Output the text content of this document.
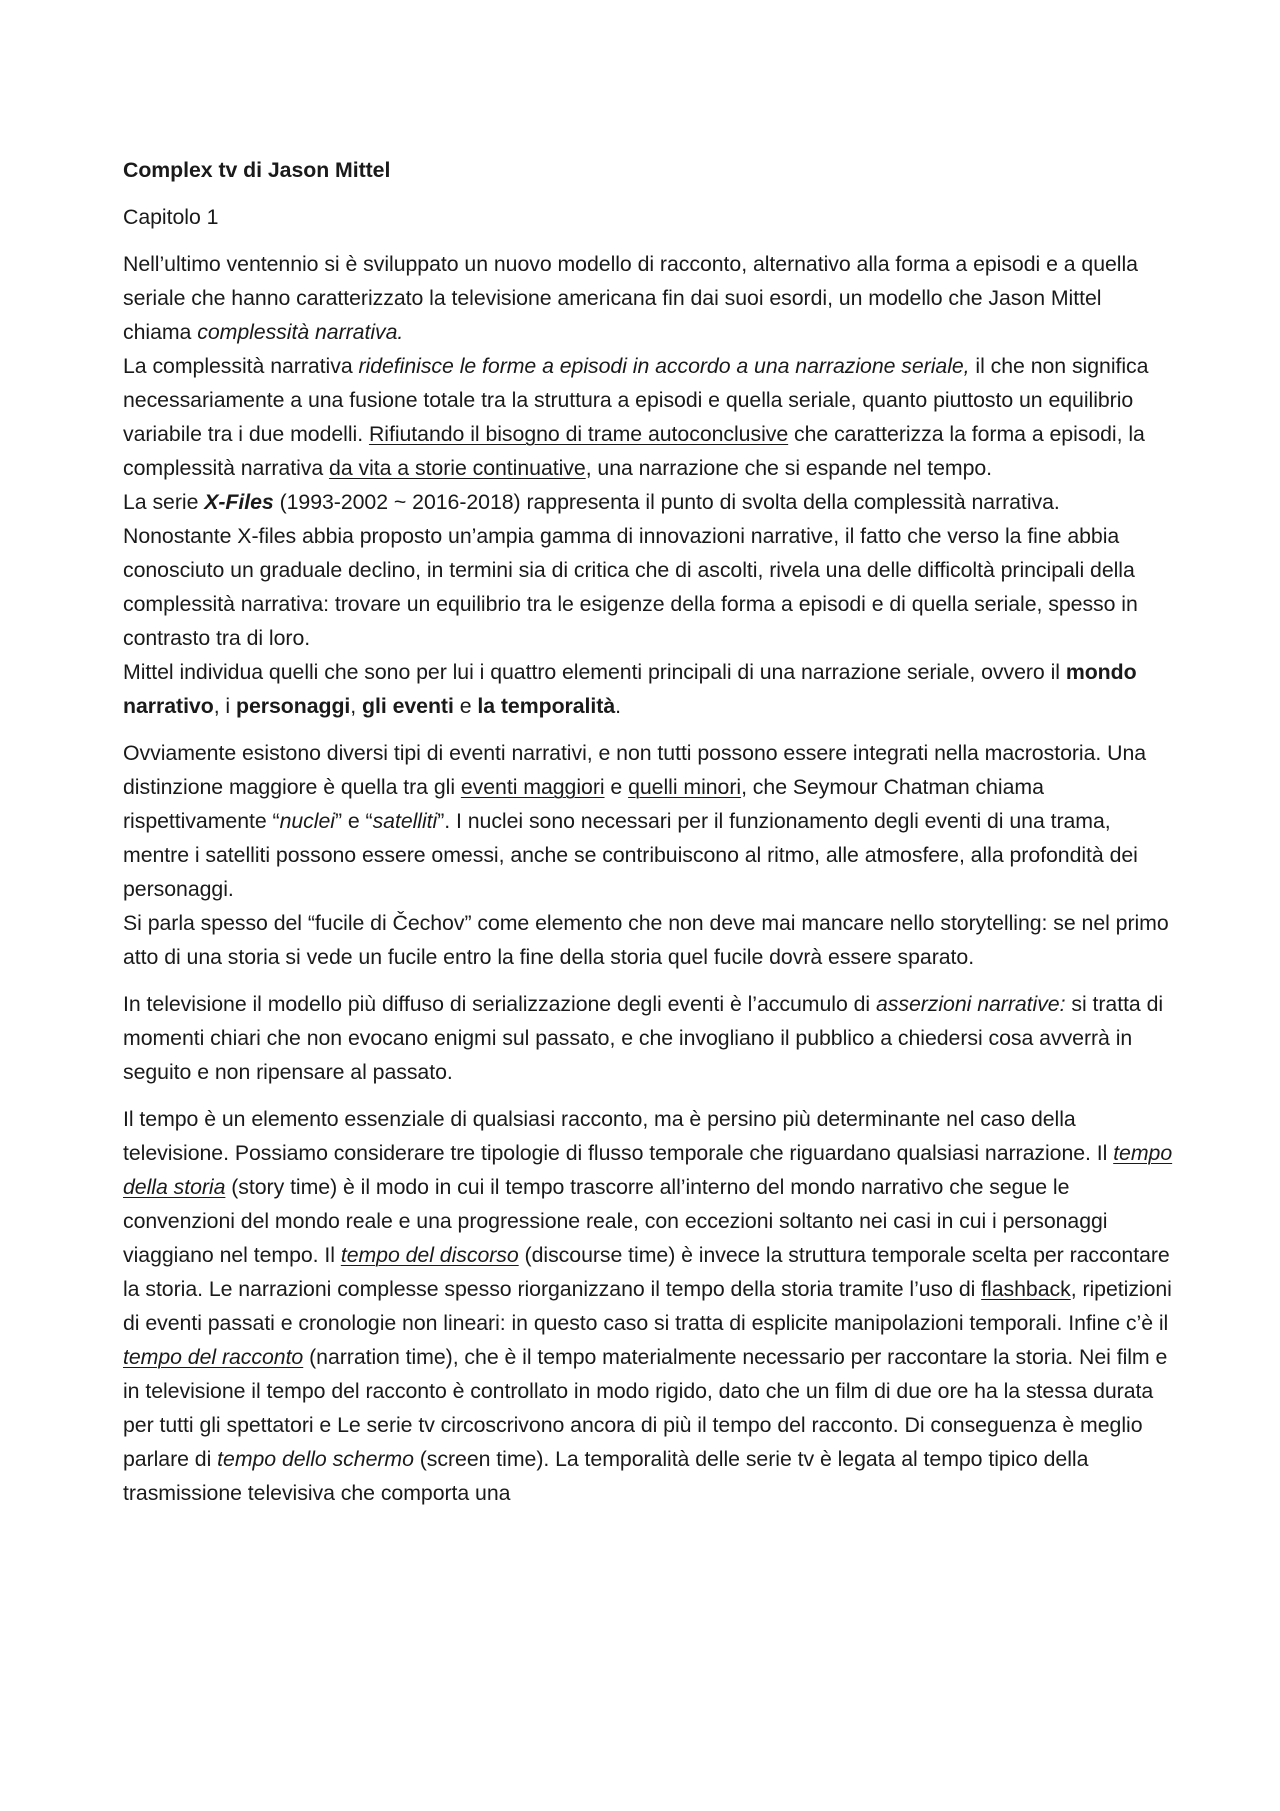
Complex tv di Jason Mittel

Capitolo 1

Nell’ultimo ventennio si è sviluppato un nuovo modello di racconto, alternativo alla forma a episodi e a quella seriale che hanno caratterizzato la televisione americana fin dai suoi esordi, un modello che Jason Mittel chiama complessità narrativa.
La complessità narrativa ridefinisce le forme a episodi in accordo a una narrazione seriale, il che non significa necessariamente a una fusione totale tra la struttura a episodi e quella seriale, quanto piuttosto un equilibrio variabile tra i due modelli. Rifiutando il bisogno di trame autoconclusive che caratterizza la forma a episodi, la complessità narrativa da vita a storie continuative, una narrazione che si espande nel tempo.
La serie X-Files (1993-2002 ~ 2016-2018) rappresenta il punto di svolta della complessità narrativa. Nonostante X-files abbia proposto un’ampia gamma di innovazioni narrative, il fatto che verso la fine abbia conosciuto un graduale declino, in termini sia di critica che di ascolti, rivela una delle difficoltà principali della complessità narrativa: trovare un equilibrio tra le esigenze della forma a episodi e di quella seriale, spesso in contrasto tra di loro.
Mittel individua quelli che sono per lui i quattro elementi principali di una narrazione seriale, ovvero il mondo narrativo, i personaggi, gli eventi e la temporalità.

Ovviamente esistono diversi tipi di eventi narrativi, e non tutti possono essere integrati nella macrostoria. Una distinzione maggiore è quella tra gli eventi maggiori e quelli minori, che Seymour Chatman chiama rispettivamente “nuclei” e “satelliti”. I nuclei sono necessari per il funzionamento degli eventi di una trama, mentre i satelliti possono essere omessi, anche se contribuiscono al ritmo, alle atmosfere, alla profondità dei personaggi.
Si parla spesso del “fucile di Čechov” come elemento che non deve mai mancare nello storytelling: se nel primo atto di una storia si vede un fucile entro la fine della storia quel fucile dovrà essere sparato.

In televisione il modello più diffuso di serializzazione degli eventi è l’accumulo di asserzioni narrative: si tratta di momenti chiari che non evocano enigmi sul passato, e che invogliano il pubblico a chiedersi cosa avverrà in seguito e non ripensare al passato.

Il tempo è un elemento essenziale di qualsiasi racconto, ma è persino più determinante nel caso della televisione. Possiamo considerare tre tipologie di flusso temporale che riguardano qualsiasi narrazione. Il tempo della storia (story time) è il modo in cui il tempo trascorre all’interno del mondo narrativo che segue le convenzioni del mondo reale e una progressione reale, con eccezioni soltanto nei casi in cui i personaggi viaggiano nel tempo. Il tempo del discorso (discourse time) è invece la struttura temporale scelta per raccontare la storia. Le narrazioni complesse spesso riorganizzano il tempo della storia tramite l’uso di flashback, ripetizioni di eventi passati e cronologie non lineari: in questo caso si tratta di esplicite manipolazioni temporali. Infine c’è il tempo del racconto (narration time), che è il tempo materialmente necessario per raccontare la storia. Nei film e in televisione il tempo del racconto è controllato in modo rigido, dato che un film di due ore ha la stessa durata per tutti gli spettatori e Le serie tv circoscrivono ancora di più il tempo del racconto. Di conseguenza è meglio parlare di tempo dello schermo (screen time). La temporalità delle serie tv è legata al tempo tipico della trasmissione televisiva che comporta una
